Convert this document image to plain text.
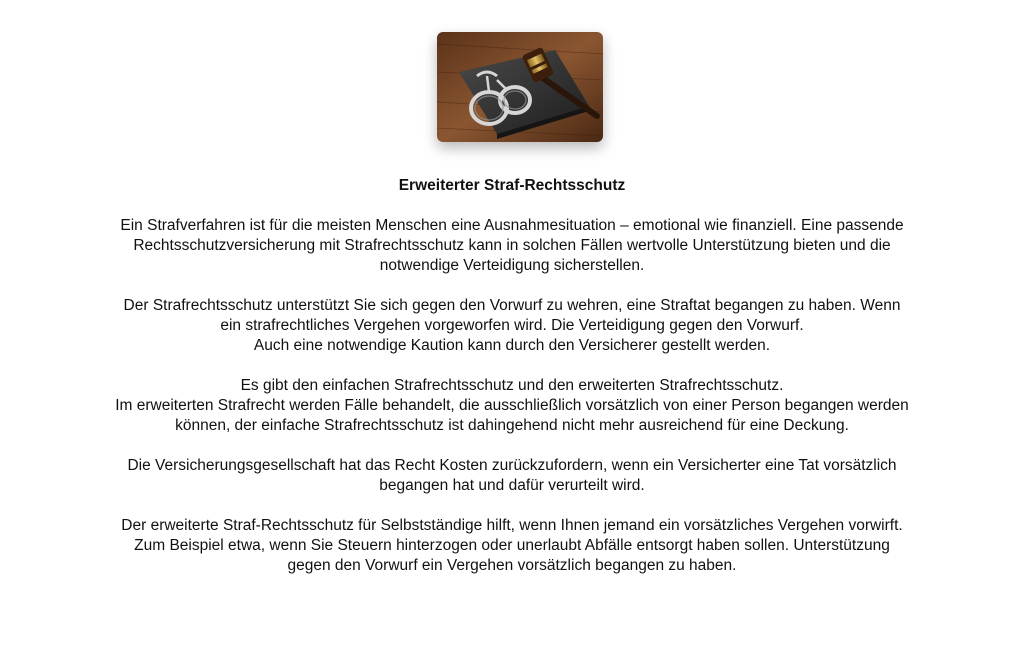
Erweiterter Straf-Rechtsschutz
Ein Strafverfahren ist für die meisten Menschen eine Ausnahmesituation – emotional wie finanziell. Eine passende
Rechtsschutzversicherung mit Strafrechtsschutz kann in solchen Fällen wertvolle Unterstützung bieten und die
notwendige Verteidigung sicherstellen.
Der Strafrechtsschutz unterstützt Sie sich gegen den Vorwurf zu wehren, eine Straftat begangen zu haben. Wenn
ein strafrechtliches Vergehen vorgeworfen wird. Die Verteidigung gegen den Vorwurf.
Auch eine notwendige Kaution kann durch den Versicherer gestellt werden.
Es gibt den einfachen Strafrechtsschutz und den erweiterten Strafrechtsschutz.
Im erweiterten Strafrecht werden Fälle behandelt, die ausschließlich vorsätzlich von einer Person begangen werden
können, der einfache Strafrechtsschutz ist dahingehend nicht mehr ausreichend für eine Deckung.
Die Versicherungsgesellschaft hat das Recht Kosten zurückzufordern, wenn ein Versicherter eine Tat vorsätzlich
begangen hat und dafür verurteilt wird.
Der erweiterte Straf-Rechtsschutz für Selbstständige hilft, wenn Ihnen jemand ein vorsätzliches Vergehen vorwirft.
Zum Beispiel etwa, wenn Sie Steuern hinterzogen oder unerlaubt Abfälle entsorgt haben sollen. Unterstützung
gegen den Vorwurf ein Vergehen vorsätzlich begangen zu haben.
